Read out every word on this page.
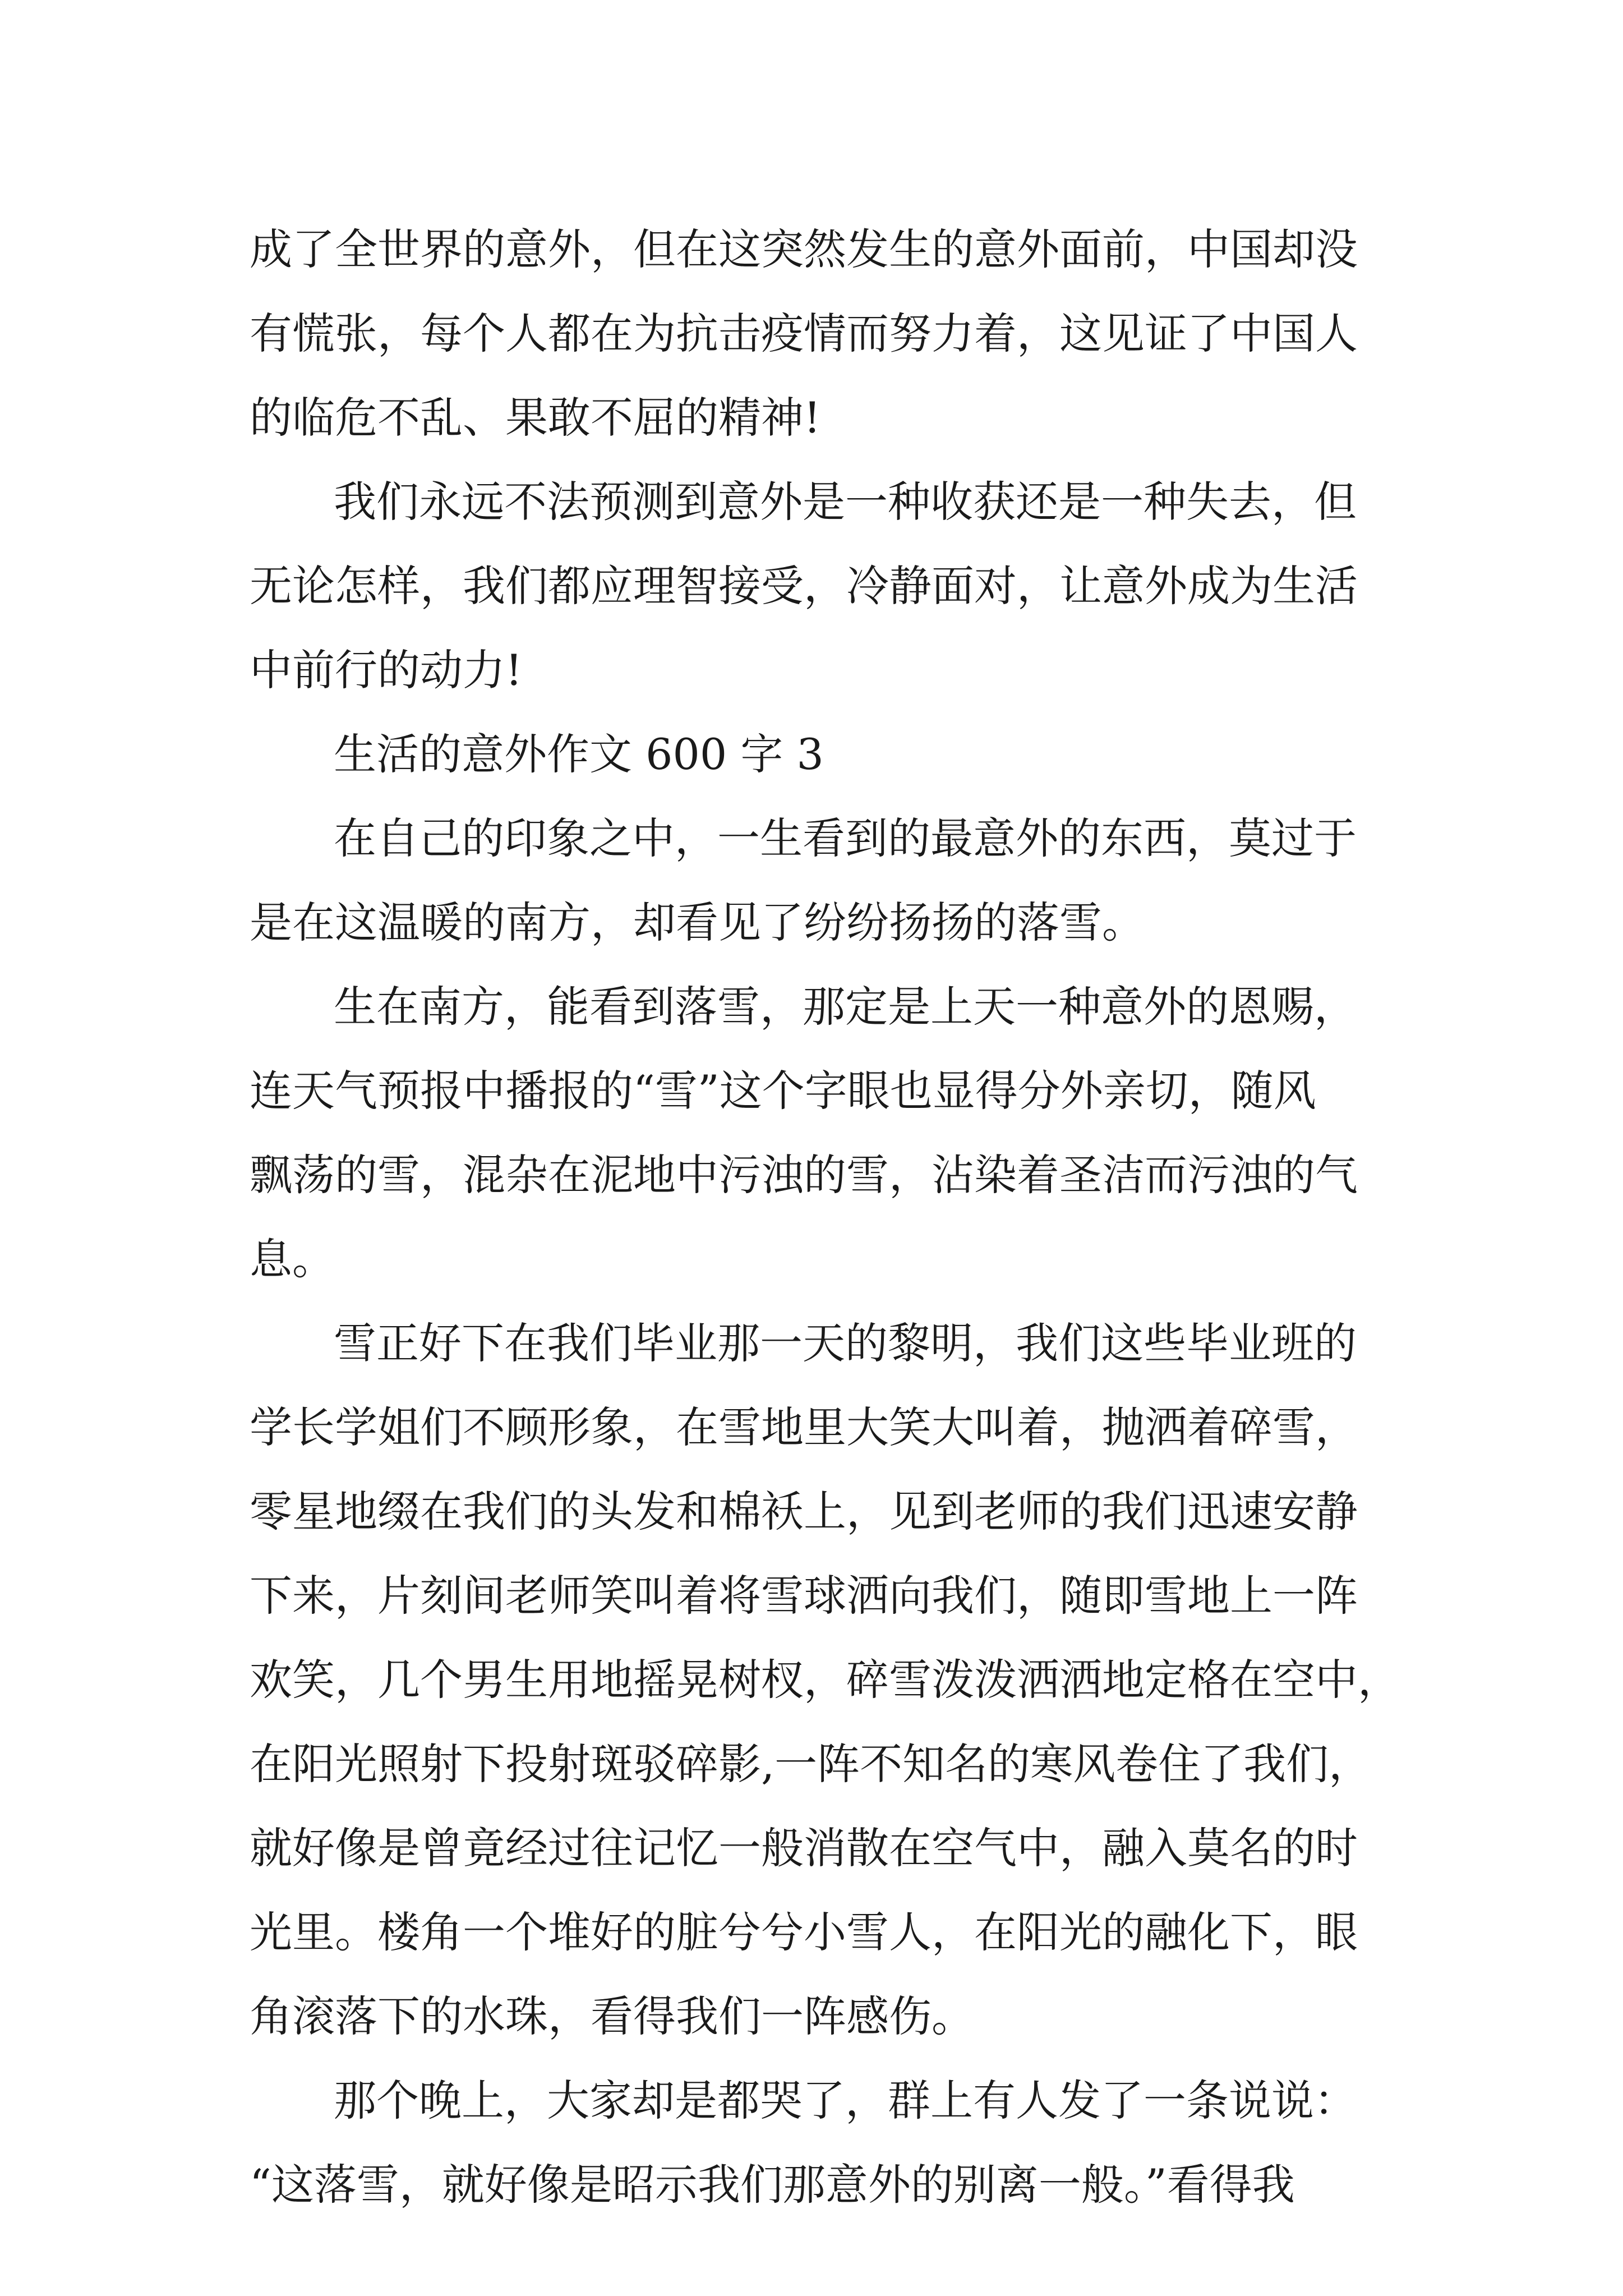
成了全世界的意外，但在这突然发生的意外面前，中国却没
有慌张，每个人都在为抗击疫情而努力着，这见证了中国人
的临危不乱、果敢不屈的精神!
我们永远不法预测到意外是一种收获还是一种失去，但
无论怎样，我们都应理智接受，冷静面对，让意外成为生活
中前行的动力!
生活的意外作文 600 字 3
在自己的印象之中，一生看到的最意外的东西，莫过于
是在这温暖的南方，却看见了纷纷扬扬的落雪。
生在南方，能看到落雪，那定是上天一种意外的恩赐，
连天气预报中播报的“雪”这个字眼也显得分外亲切，随风
飘荡的雪，混杂在泥地中污浊的雪，沾染着圣洁而污浊的气
息。
雪正好下在我们毕业那一天的黎明，我们这些毕业班的
学长学姐们不顾形象，在雪地里大笑大叫着，抛洒着碎雪，
零星地缀在我们的头发和棉袄上，见到老师的我们迅速安静
下来，片刻间老师笑叫着将雪球洒向我们，随即雪地上一阵
欢笑，几个男生用地摇晃树杈，碎雪泼泼洒洒地定格在空中，
在阳光照射下投射斑驳碎影,一阵不知名的寒风卷住了我们，
就好像是曾竟经过往记忆一般消散在空气中，融入莫名的时
光里。楼角一个堆好的脏兮兮小雪人，在阳光的融化下，眼
角滚落下的水珠，看得我们一阵感伤。
那个晚上，大家却是都哭了，群上有人发了一条说说：
“这落雪，就好像是昭示我们那意外的别离一般。”看得我
